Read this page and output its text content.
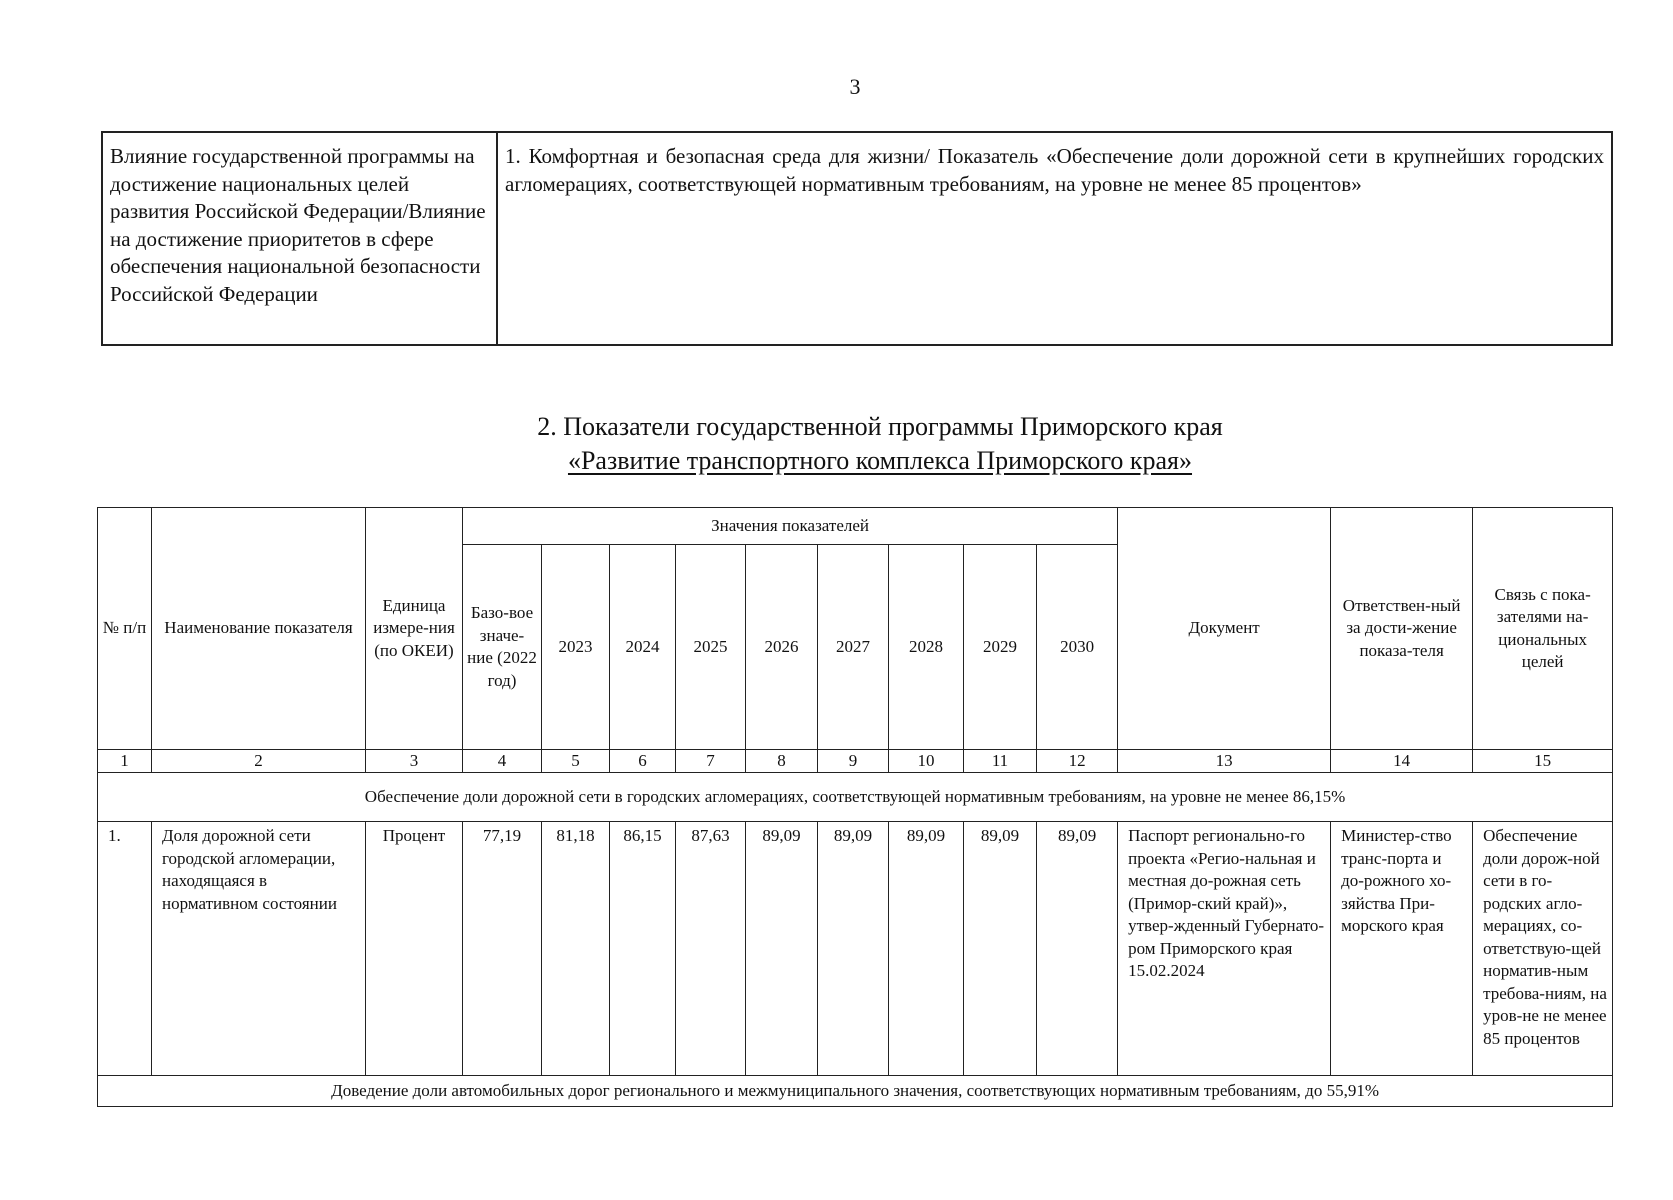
3
Влияние государственной программы на достижение национальных целей развития Российской Федерации/Влияние на достижение приоритетов в сфере обеспечения национальной безопасности Российской Федерации	1. Комфортная и безопасная среда для жизни/ Показатель «Обеспечение доли дорожной сети в крупнейших городских агломерациях, соответствующей нормативным требованиям, на уровне не менее 85 процентов»
2. Показатели государственной программы Приморского края
«Развитие транспортного комплекса Приморского края»
№ п/п	Наименование показателя	Единица измере-ния (по ОКЕИ)	Значения показателей									Документ	Ответствен-ный за дости-жение показа-теля	Связь с пока-зателями на-циональных целей
			Базо-вое значе-ние (2022 год)	2023	2024	2025	2026	2027	2028	2029	2030			
1	2	3	4	5	6	7	8	9	10	11	12	13	14	15
Обеспечение доли дорожной сети в городских агломерациях, соответствующей нормативным требованиям, на уровне не менее 86,15%														
1.	Доля дорожной сети городской агломерации, находящаяся в нормативном состоянии	Процент	77,19	81,18	86,15	87,63	89,09	89,09	89,09	89,09	89,09	Паспорт регионально-го проекта «Регио-нальная и местная до-рожная сеть (Примор-ский край)», утвер-жденный Губернато-ром Приморского края 15.02.2024	Министер-ство транс-порта и до-рожного хо-зяйства При-морского края	Обеспечение доли дорож-ной сети в го-родских агло-мерациях, со-ответствую-щей норматив-ным требова-ниям, на уров-не не менее 85 процентов
Доведение доли автомобильных дорог регионального и межмуниципального значения, соответствующих нормативным требованиям, до 55,91%														
